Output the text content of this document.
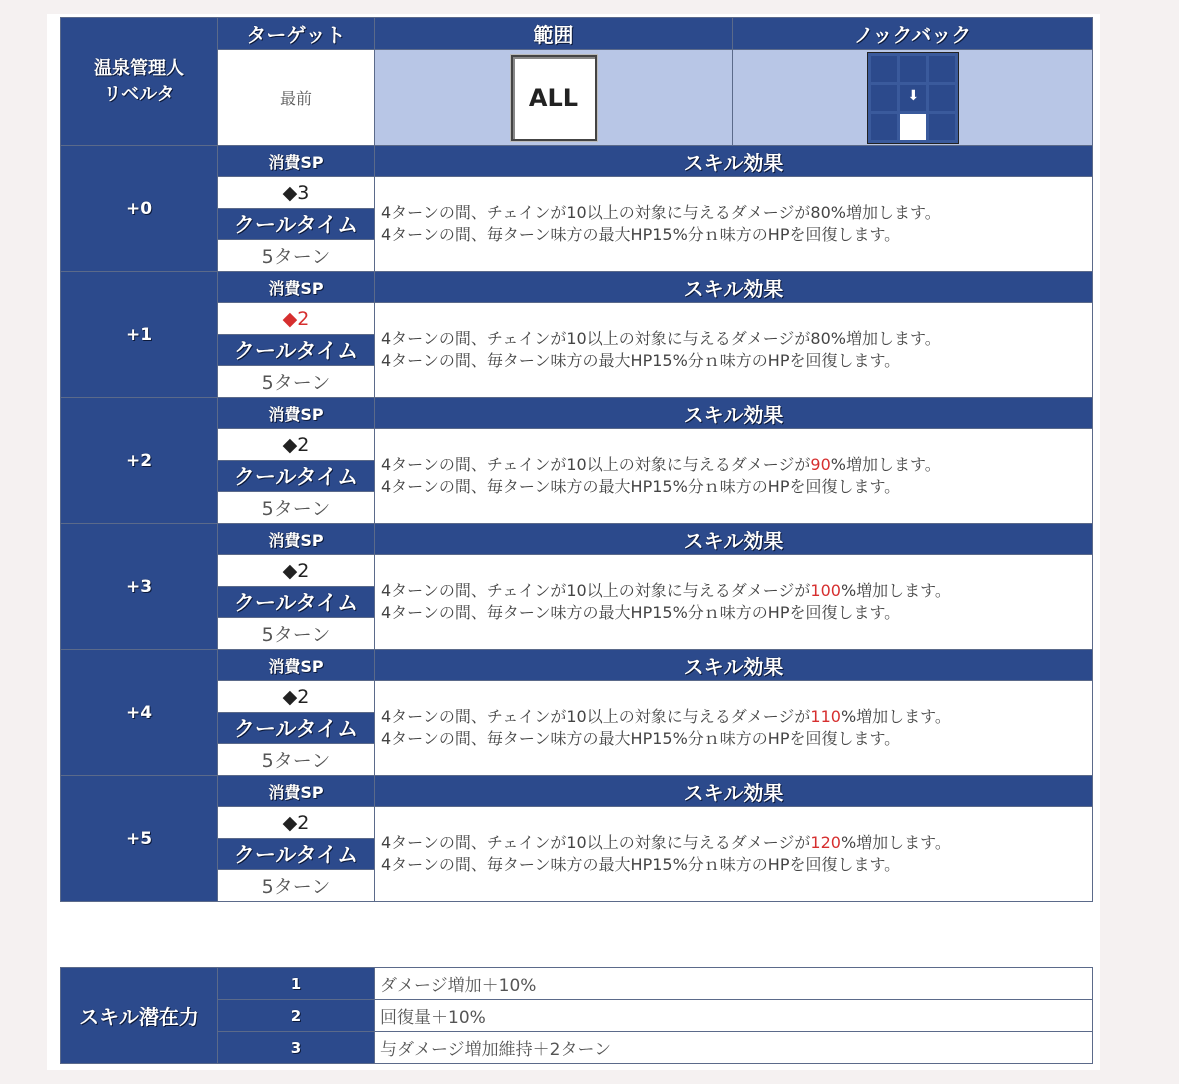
温泉管理人
リベルタ	ターゲット	範囲	ノックバック
	最前	ALL	⬇

+0	消費SP	スキル効果	
	◆3	4ターンの間、チェインが10以上の対象に与えるダメージが80%増加します。
4ターンの間、毎ターン味方の最大HP15%分ｎ味方のHPを回復します。	

	クールタイム		
	5ターン		
+1	消費SP	スキル効果	
	◆2	4ターンの間、チェインが10以上の対象に与えるダメージが80%増加します。
4ターンの間、毎ターン味方の最大HP15%分ｎ味方のHPを回復します。	

	クールタイム		
	5ターン		
+2	消費SP	スキル効果	
	◆2	4ターンの間、チェインが10以上の対象に与えるダメージが90%増加します。
4ターンの間、毎ターン味方の最大HP15%分ｎ味方のHPを回復します。	

	クールタイム		
	5ターン		
+3	消費SP	スキル効果	
	◆2	4ターンの間、チェインが10以上の対象に与えるダメージが100%増加します。
4ターンの間、毎ターン味方の最大HP15%分ｎ味方のHPを回復します。	

	クールタイム		
	5ターン		
+4	消費SP	スキル効果	
	◆2	4ターンの間、チェインが10以上の対象に与えるダメージが110%増加します。
4ターンの間、毎ターン味方の最大HP15%分ｎ味方のHPを回復します。	

	クールタイム		
	5ターン		
+5	消費SP	スキル効果	
	◆2	4ターンの間、チェインが10以上の対象に与えるダメージが120%増加します。
4ターンの間、毎ターン味方の最大HP15%分ｎ味方のHPを回復します。	

	クールタイム		
	5ターン		
スキル潜在力	1	ダメージ増加＋10%
	2	回復量＋10%
	3	与ダメージ増加維持＋2ターン
